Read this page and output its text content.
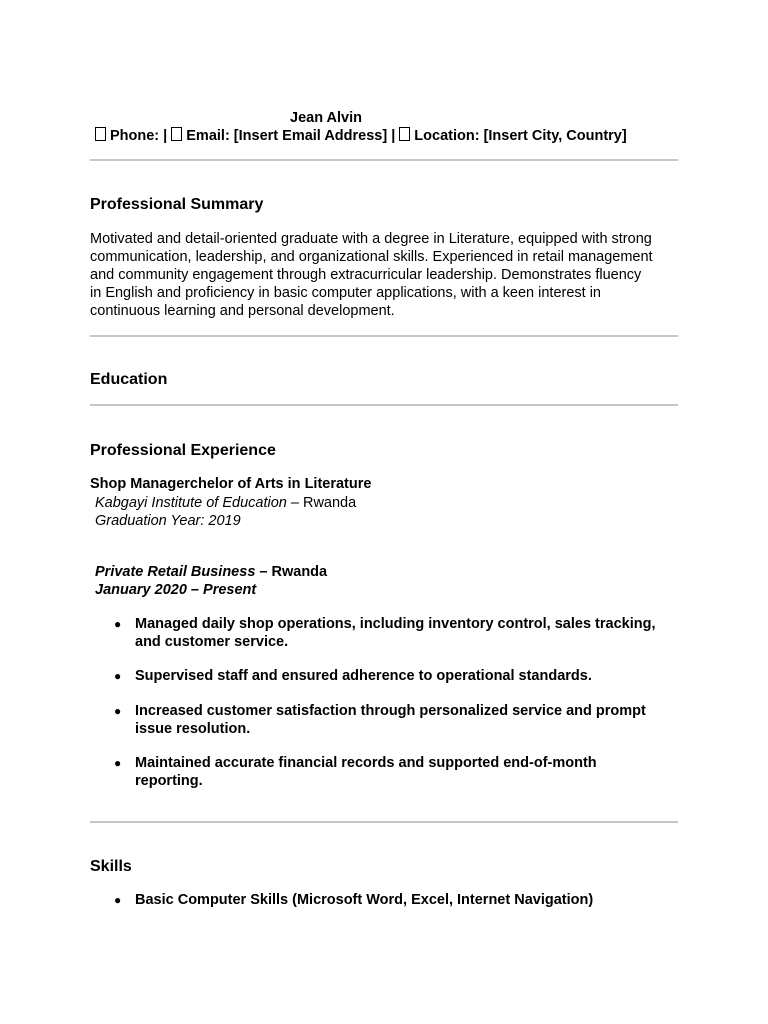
Jean Alvin
Phone: | Email: [Insert Email Address] | Location: [Insert City, Country]
Professional Summary
Motivated and detail-oriented graduate with a degree in Literature, equipped with strong
communication, leadership, and organizational skills. Experienced in retail management
and community engagement through extracurricular leadership. Demonstrates fluency
in English and proficiency in basic computer applications, with a keen interest in
continuous learning and personal development.
Education
Professional Experience
Shop Managerchelor of Arts in Literature
Kabgayi Institute of Education – Rwanda
Graduation Year: 2019
Private Retail Business – Rwanda
January 2020 – Present
● Managed daily shop operations, including inventory control, sales tracking,
and customer service.
● Supervised staff and ensured adherence to operational standards.
● Increased customer satisfaction through personalized service and prompt
issue resolution.
● Maintained accurate financial records and supported end-of-month
reporting.
Skills
● Basic Computer Skills (Microsoft Word, Excel, Internet Navigation)
